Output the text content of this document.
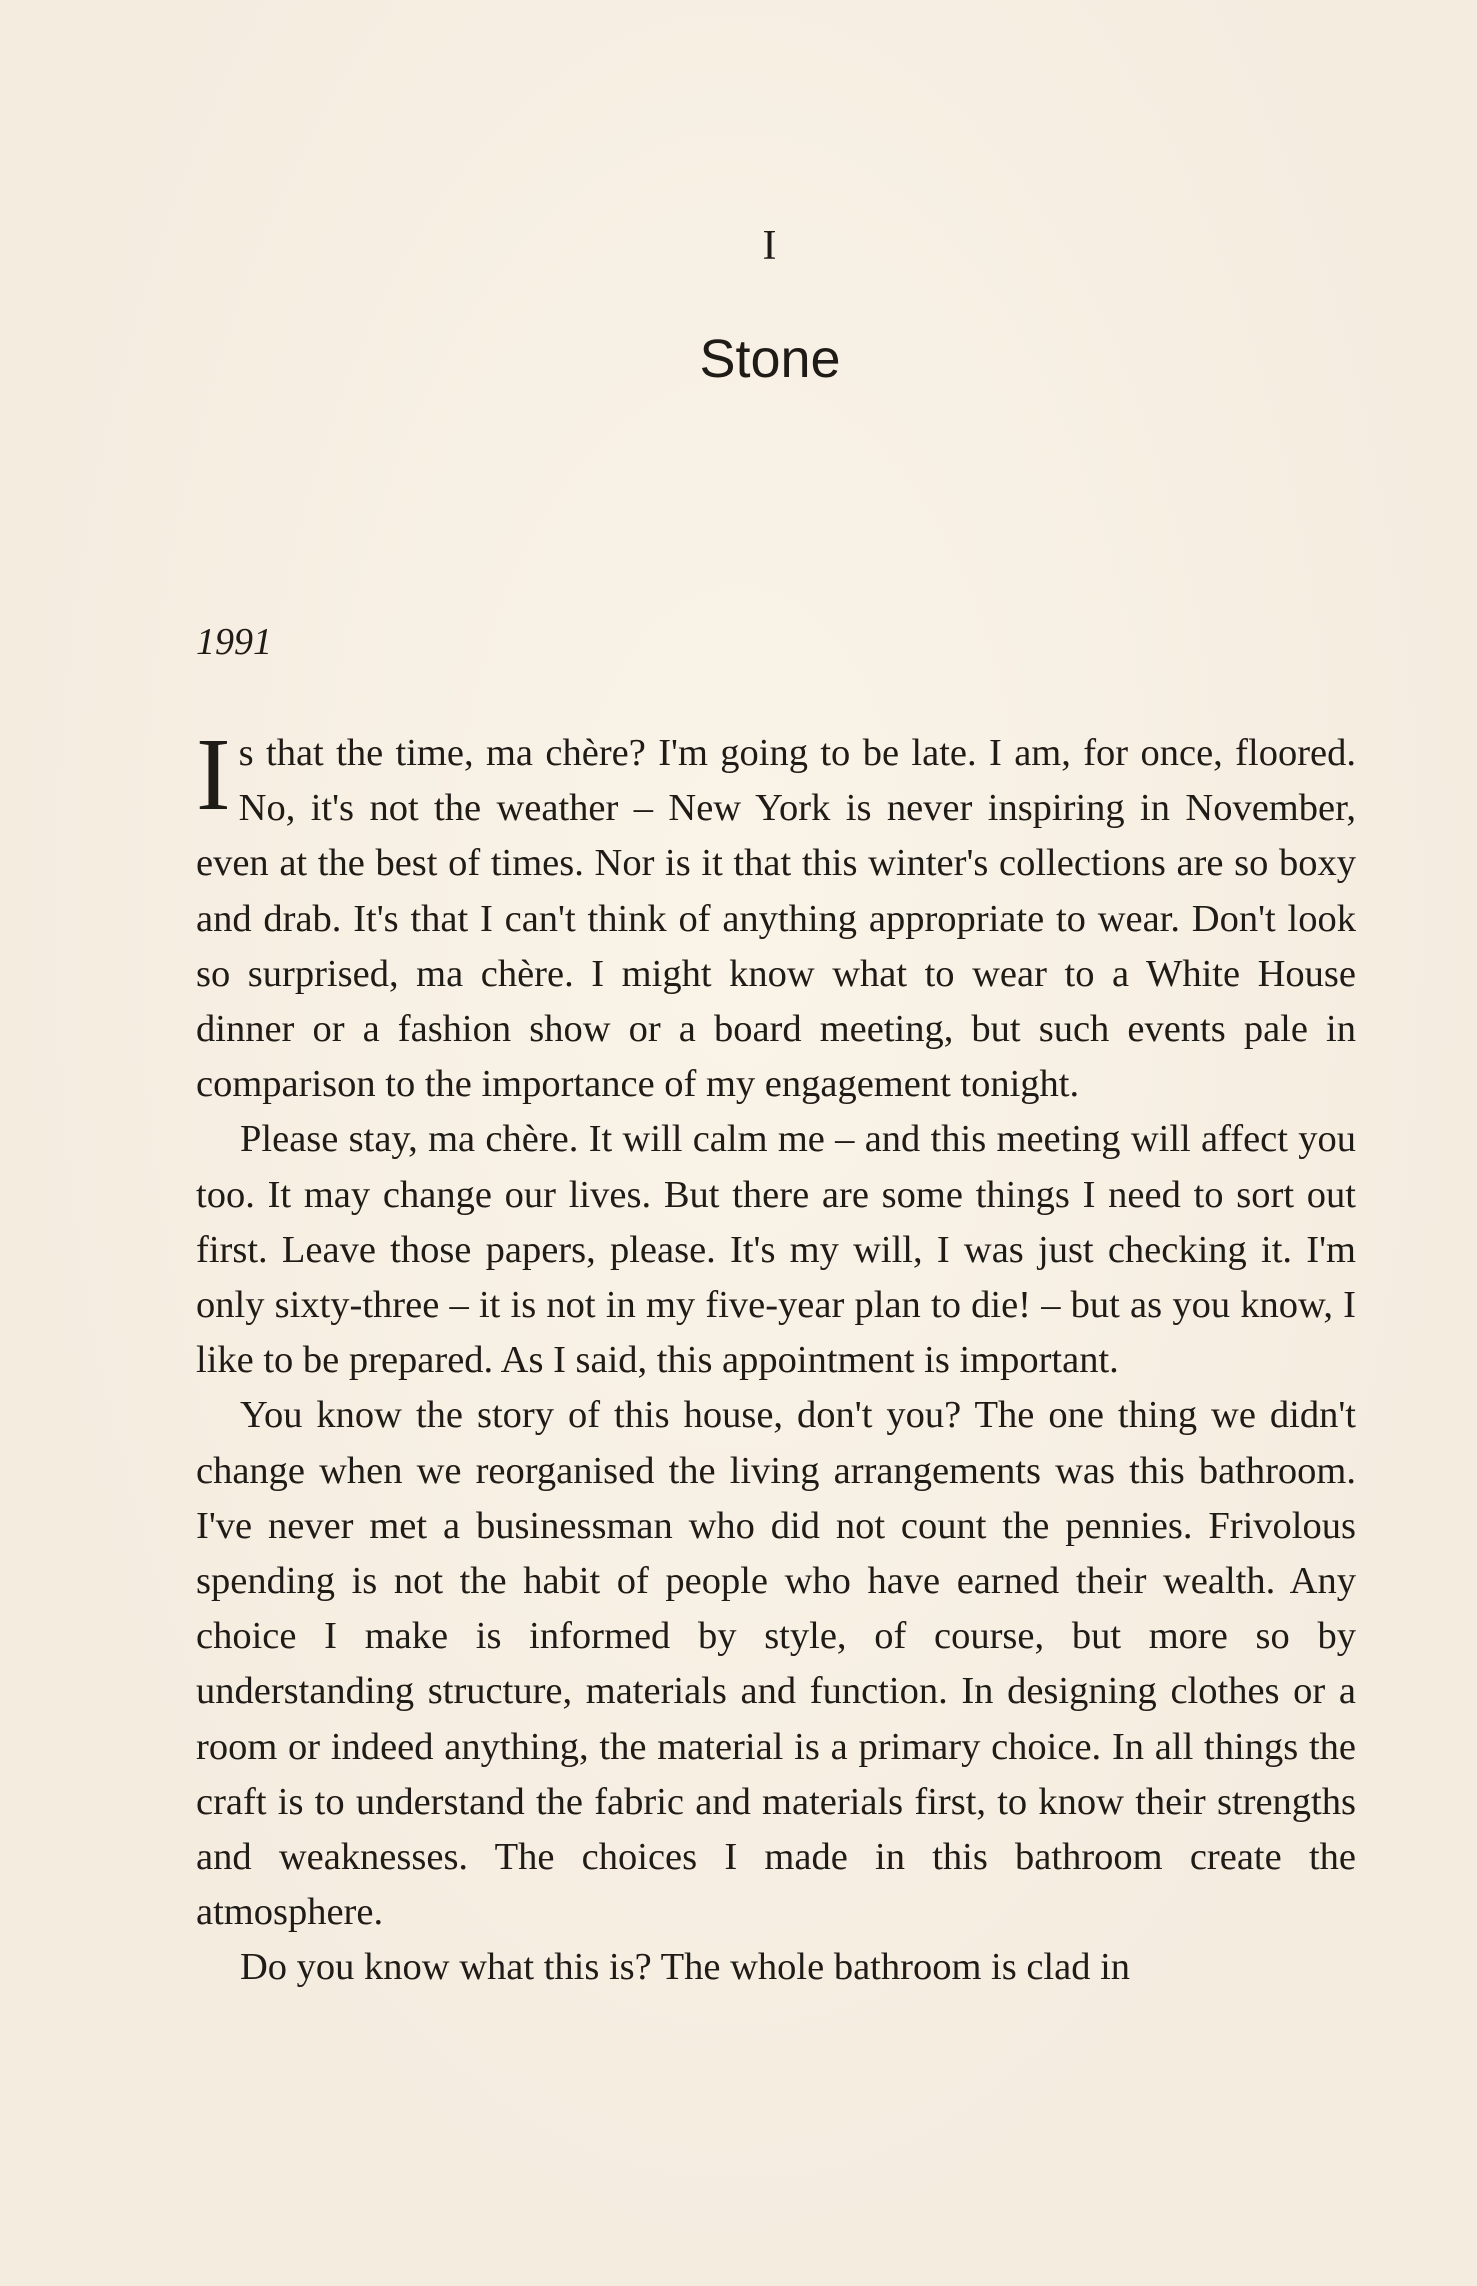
I
Stone
1991

Is that the time, ma chère? I'm going to be late. I am, for once, floored. No, it's not the weather – New York is never inspiring in November, even at the best of times. Nor is it that this winter's collections are so boxy and drab. It's that I can't think of anything appropriate to wear. Don't look so surprised, ma chère. I might know what to wear to a White House dinner or a fashion show or a board meeting, but such events pale in comparison to the importance of my engagement tonight.

Please stay, ma chère. It will calm me – and this meeting will affect you too. It may change our lives. But there are some things I need to sort out first. Leave those papers, please. It's my will, I was just checking it. I'm only sixty-three – it is not in my five-year plan to die! – but as you know, I like to be prepared. As I said, this appointment is important.

You know the story of this house, don't you? The one thing we didn't change when we reorganised the living arrangements was this bathroom. I've never met a businessman who did not count the pennies. Frivolous spending is not the habit of people who have earned their wealth. Any choice I make is informed by style, of course, but more so by understanding structure, materials and function. In designing clothes or a room or indeed anything, the material is a primary choice. In all things the craft is to understand the fabric and materials first, to know their strengths and weaknesses. The choices I made in this bathroom create the atmosphere.

Do you know what this is? The whole bathroom is clad in
